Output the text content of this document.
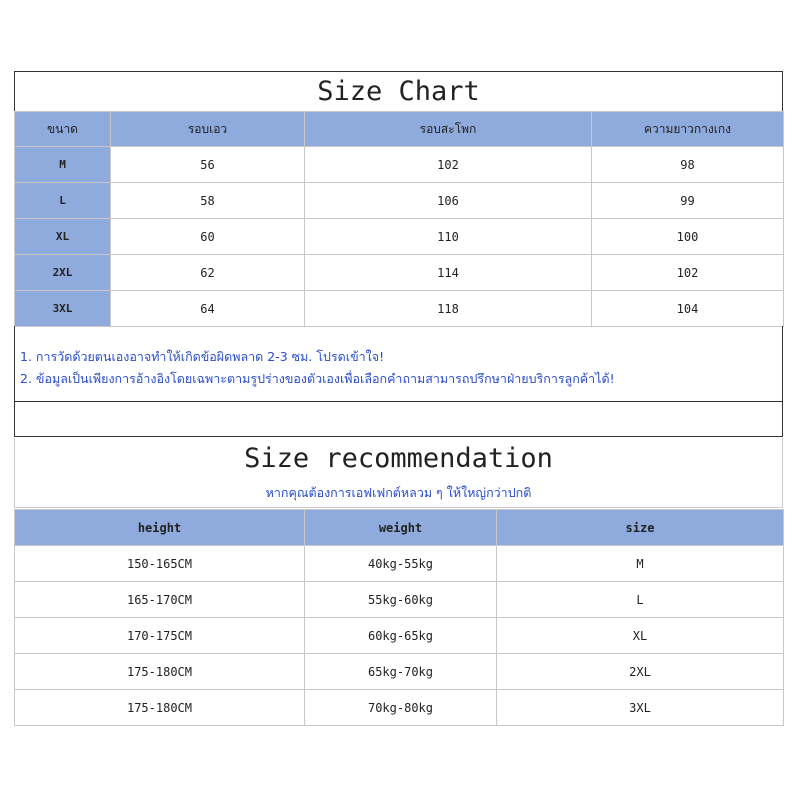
Size Chart
ขนาด	รอบเอว	รอบสะโพก	ความยาวกางเกง
M	56	102	98
L	58	106	99
XL	60	110	100
2XL	62	114	102
3XL	64	118	104
1. การวัดด้วยตนเองอาจทำให้เกิดข้อผิดพลาด 2-3 ซม. โปรดเข้าใจ!
2. ข้อมูลเป็นเพียงการอ้างอิงโดยเฉพาะตามรูปร่างของตัวเองเพื่อเลือกคำถามสามารถปรึกษาฝ่ายบริการลูกค้าได้!
Size recommendation
หากคุณต้องการเอฟเฟกต์หลวม ๆ ให้ใหญ่กว่าปกติ
height	weight	size
150-165CM	40kg-55kg	M
165-170CM	55kg-60kg	L
170-175CM	60kg-65kg	XL
175-180CM	65kg-70kg	2XL
175-180CM	70kg-80kg	3XL
